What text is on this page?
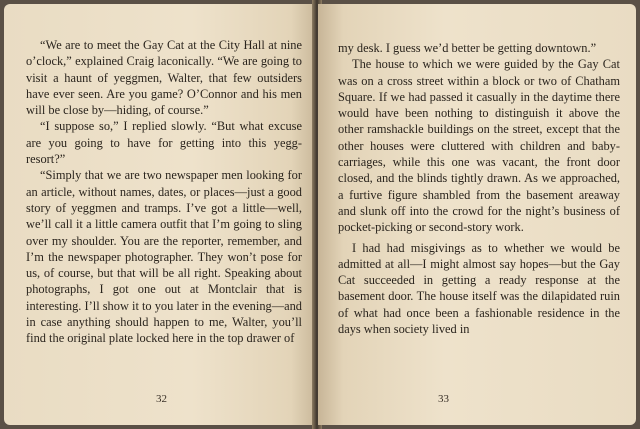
“We are to meet the Gay Cat at the City Hall at nine o’clock,” explained Craig laconically. “We are going to visit a haunt of yeggmen, Walter, that few outsiders have ever seen. Are you game? O’Connor and his men will be close by—hiding, of course.”

“I suppose so,” I replied slowly. “But what excuse are you going to have for getting into this yegg-resort?”

“Simply that we are two newspaper men looking for an article, without names, dates, or places—just a good story of yeggmen and tramps. I’ve got a little—well, we’ll call it a little camera outfit that I’m going to sling over my shoulder. You are the reporter, remember, and I’m the newspaper photographer. They won’t pose for us, of course, but that will be all right. Speaking about photographs, I got one out at Montclair that is interesting. I’ll show it to you later in the evening—and in case anything should happen to me, Walter, you’ll find the original plate locked here in the top drawer of

32

my desk. I guess we’d better be getting downtown.”

The house to which we were guided by the Gay Cat was on a cross street within a block or two of Chatham Square. If we had passed it casually in the daytime there would have been nothing to distinguish it above the other ramshackle buildings on the street, except that the other houses were cluttered with children and baby-carriages, while this one was vacant, the front door closed, and the blinds tightly drawn. As we approached, a furtive figure shambled from the basement areaway and slunk off into the crowd for the night’s business of pocket-picking or second-story work.

I had had misgivings as to whether we would be admitted at all—I might almost say hopes—but the Gay Cat succeeded in getting a ready response at the basement door. The house itself was the dilapidated ruin of what had once been a fashionable residence in the days when society lived in

33
